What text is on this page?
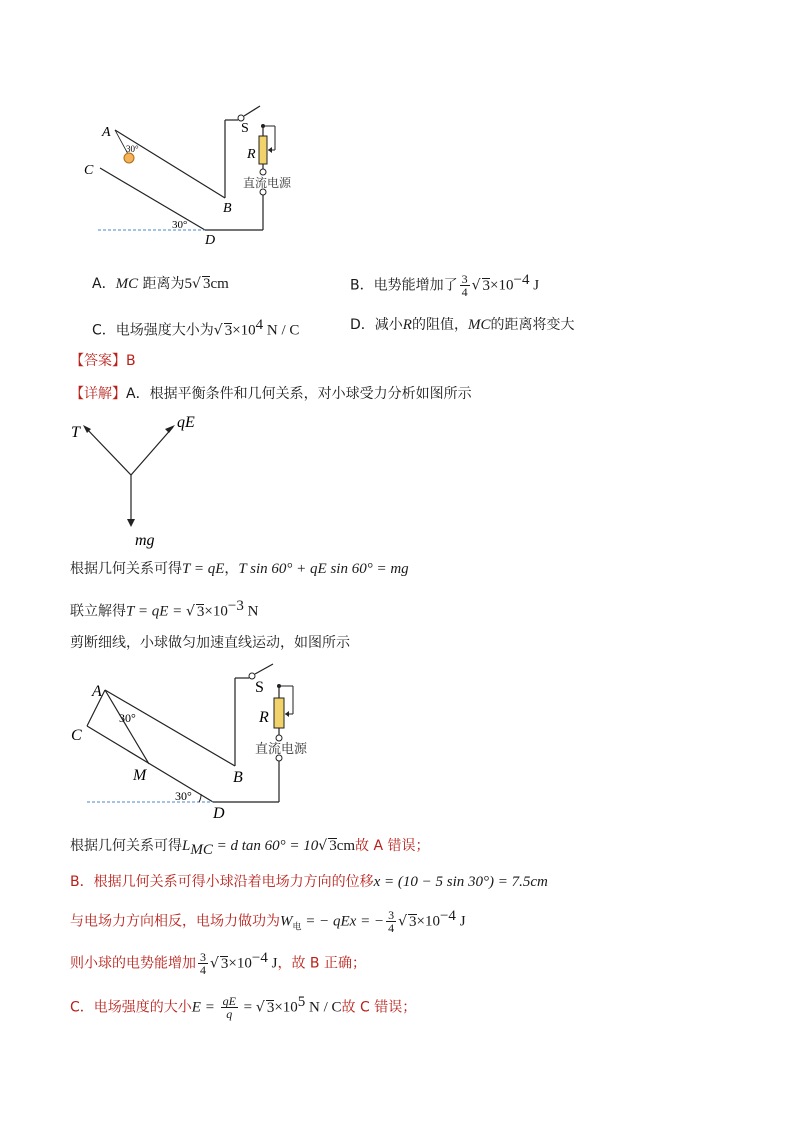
A
30°
C
B
30°
D
S
R
直流电源
A．MC 距离为5√ 3cm	B．电势能增加了 $\frac{3}{4}$ √ $3\times 10^{-4}$ J
C．电场强度大小为√ $3\times 10^4$ N / C	D．减小R的阻值，MC的距离将变大
【答案】B
【详解】A．根据平衡条件和几何关系，对小球受力分析如图所示
T
qE
mg
根据几何关系可得T = qE，T sin 60° + qE sin 60° = mg
联立解得T = qE = √ $3\times 10^{-3}$ N
剪断细线，小球做匀加速直线运动，如图所示
A
30°
C
M	B
30°
D
S
R
直流电源
根据几何关系可得$L_{MC} = d$ tan 60° = 10√ 3cm故 A 错误；
B．根据几何关系可得小球沿着电场力方向的位移x = (10 − 5 sin 30°) = 7.5cm
与电场力方向相反，电场力做功为$W_电$ = − qEx = − $\frac{3}{4}$ √ $3\times 10^{-4}$ J
则小球的电势能增加 $\frac{3}{4}$ √ $3\times 10^{-4}$ J，故 B 正确；
C．电场强度的大小$E = \frac{qE}{q}$ = √ $3\times 10^5$ N / C故 C 错误；
